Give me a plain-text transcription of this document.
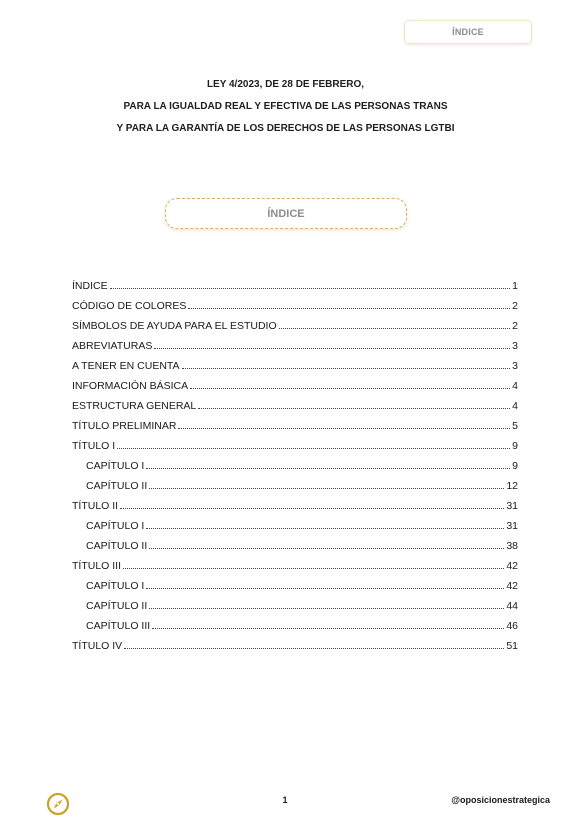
ÍNDICE
LEY 4/2023, DE 28 DE FEBRERO,
PARA LA IGUALDAD REAL Y EFECTIVA DE LAS PERSONAS TRANS
Y PARA LA GARANTÍA DE LOS DERECHOS DE LAS PERSONAS LGTBI
ÍNDICE
ÍNDICE	1
CÓDIGO DE COLORES	2
SÍMBOLOS DE AYUDA PARA EL ESTUDIO	2
ABREVIATURAS	3
A TENER EN CUENTA	3
INFORMACIÓN BÁSICA	4
ESTRUCTURA GENERAL	4
TÍTULO PRELIMINAR	5
TÍTULO I	9
CAPÍTULO I	9
CAPÍTULO II	12
TÍTULO II	31
CAPÍTULO I	31
CAPÍTULO II	38
TÍTULO III	42
CAPÍTULO I	42
CAPÍTULO II	44
CAPÍTULO III	46
TÍTULO IV	51
1	@oposicionestrategica
